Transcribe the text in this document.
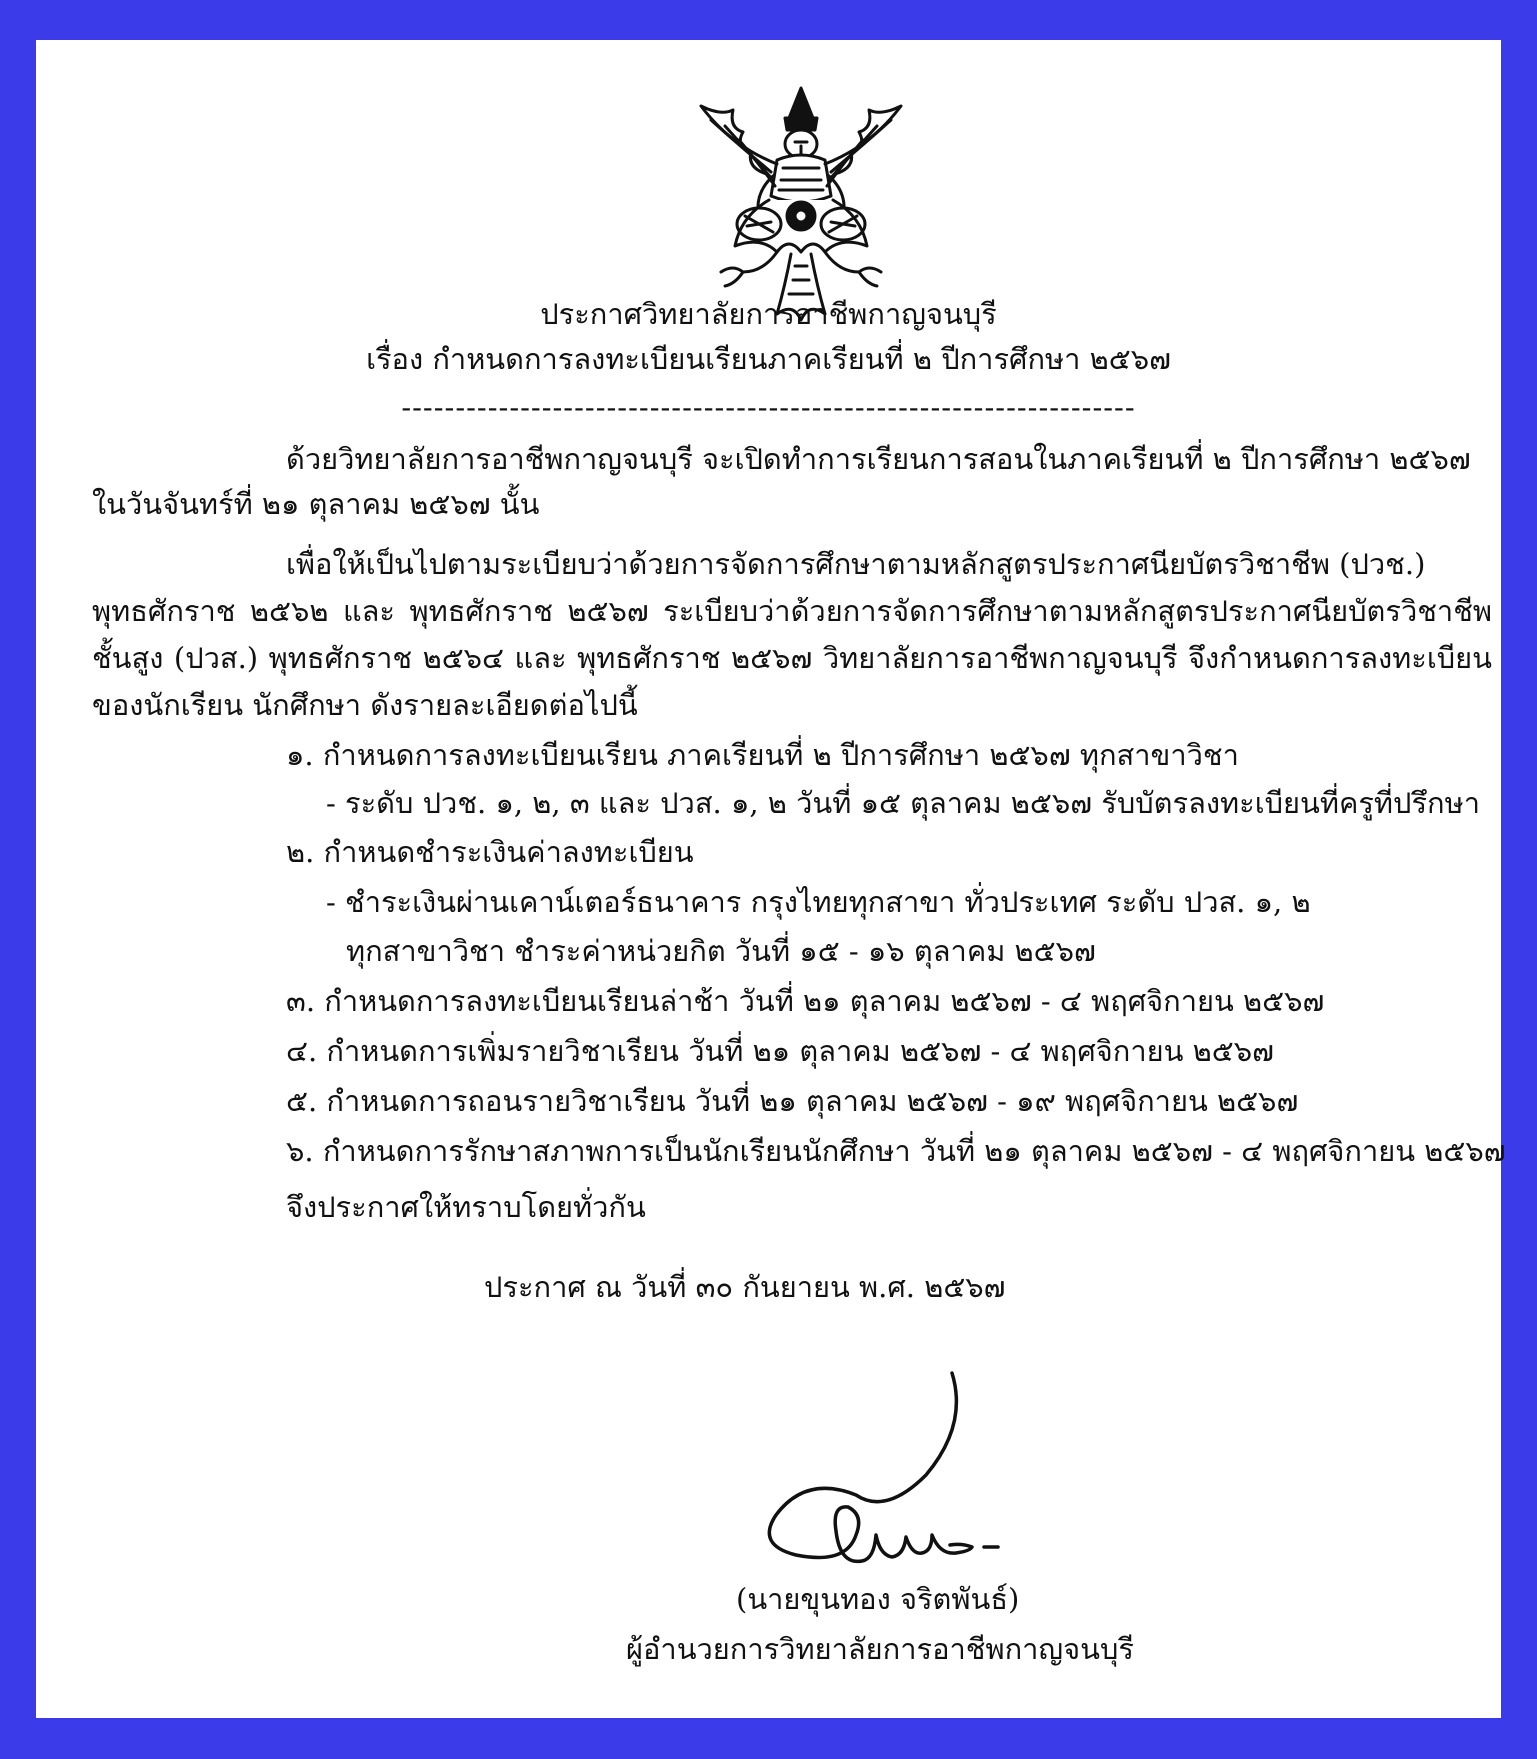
ประกาศวิทยาลัยการอาชีพกาญจนบุรี
เรื่อง กำหนดการลงทะเบียนเรียนภาคเรียนที่ ๒ ปีการศึกษา ๒๕๖๗
--------------------------------------------------------------------
ด้วยวิทยาลัยการอาชีพกาญจนบุรี จะเปิดทำการเรียนการสอนในภาคเรียนที่ ๒ ปีการศึกษา ๒๕๖๗
ในวันจันทร์ที่ ๒๑ ตุลาคม ๒๕๖๗ นั้น
เพื่อให้เป็นไปตามระเบียบว่าด้วยการจัดการศึกษาตามหลักสูตรประกาศนียบัตรวิชาชีพ (ปวช.)
พุทธศักราช ๒๕๖๒ และ พุทธศักราช ๒๕๖๗ ระเบียบว่าด้วยการจัดการศึกษาตามหลักสูตรประกาศนียบัตรวิชาชีพ
ชั้นสูง (ปวส.) พุทธศักราช ๒๕๖๔ และ พุทธศักราช ๒๕๖๗ วิทยาลัยการอาชีพกาญจนบุรี จึงกำหนดการลงทะเบียน
ของนักเรียน นักศึกษา ดังรายละเอียดต่อไปนี้
๑. กำหนดการลงทะเบียนเรียน ภาคเรียนที่ ๒ ปีการศึกษา ๒๕๖๗ ทุกสาขาวิชา
- ระดับ ปวช. ๑, ๒, ๓ และ ปวส. ๑, ๒ วันที่ ๑๕ ตุลาคม ๒๕๖๗ รับบัตรลงทะเบียนที่ครูที่ปรึกษา
๒. กำหนดชำระเงินค่าลงทะเบียน
- ชำระเงินผ่านเคาน์เตอร์ธนาคาร กรุงไทยทุกสาขา ทั่วประเทศ ระดับ ปวส. ๑, ๒
ทุกสาขาวิชา ชำระค่าหน่วยกิต วันที่ ๑๕ - ๑๖ ตุลาคม ๒๕๖๗
๓. กำหนดการลงทะเบียนเรียนล่าช้า วันที่ ๒๑ ตุลาคม ๒๕๖๗ - ๔ พฤศจิกายน ๒๕๖๗
๔. กำหนดการเพิ่มรายวิชาเรียน วันที่ ๒๑ ตุลาคม ๒๕๖๗ - ๔ พฤศจิกายน ๒๕๖๗
๕. กำหนดการถอนรายวิชาเรียน วันที่ ๒๑ ตุลาคม ๒๕๖๗ - ๑๙ พฤศจิกายน ๒๕๖๗
๖. กำหนดการรักษาสภาพการเป็นนักเรียนนักศึกษา วันที่ ๒๑ ตุลาคม ๒๕๖๗ - ๔ พฤศจิกายน ๒๕๖๗
จึงประกาศให้ทราบโดยทั่วกัน
ประกาศ ณ วันที่ ๓๐ กันยายน พ.ศ. ๒๕๖๗
(นายขุนทอง จริตพันธ์)
ผู้อำนวยการวิทยาลัยการอาชีพกาญจนบุรี
